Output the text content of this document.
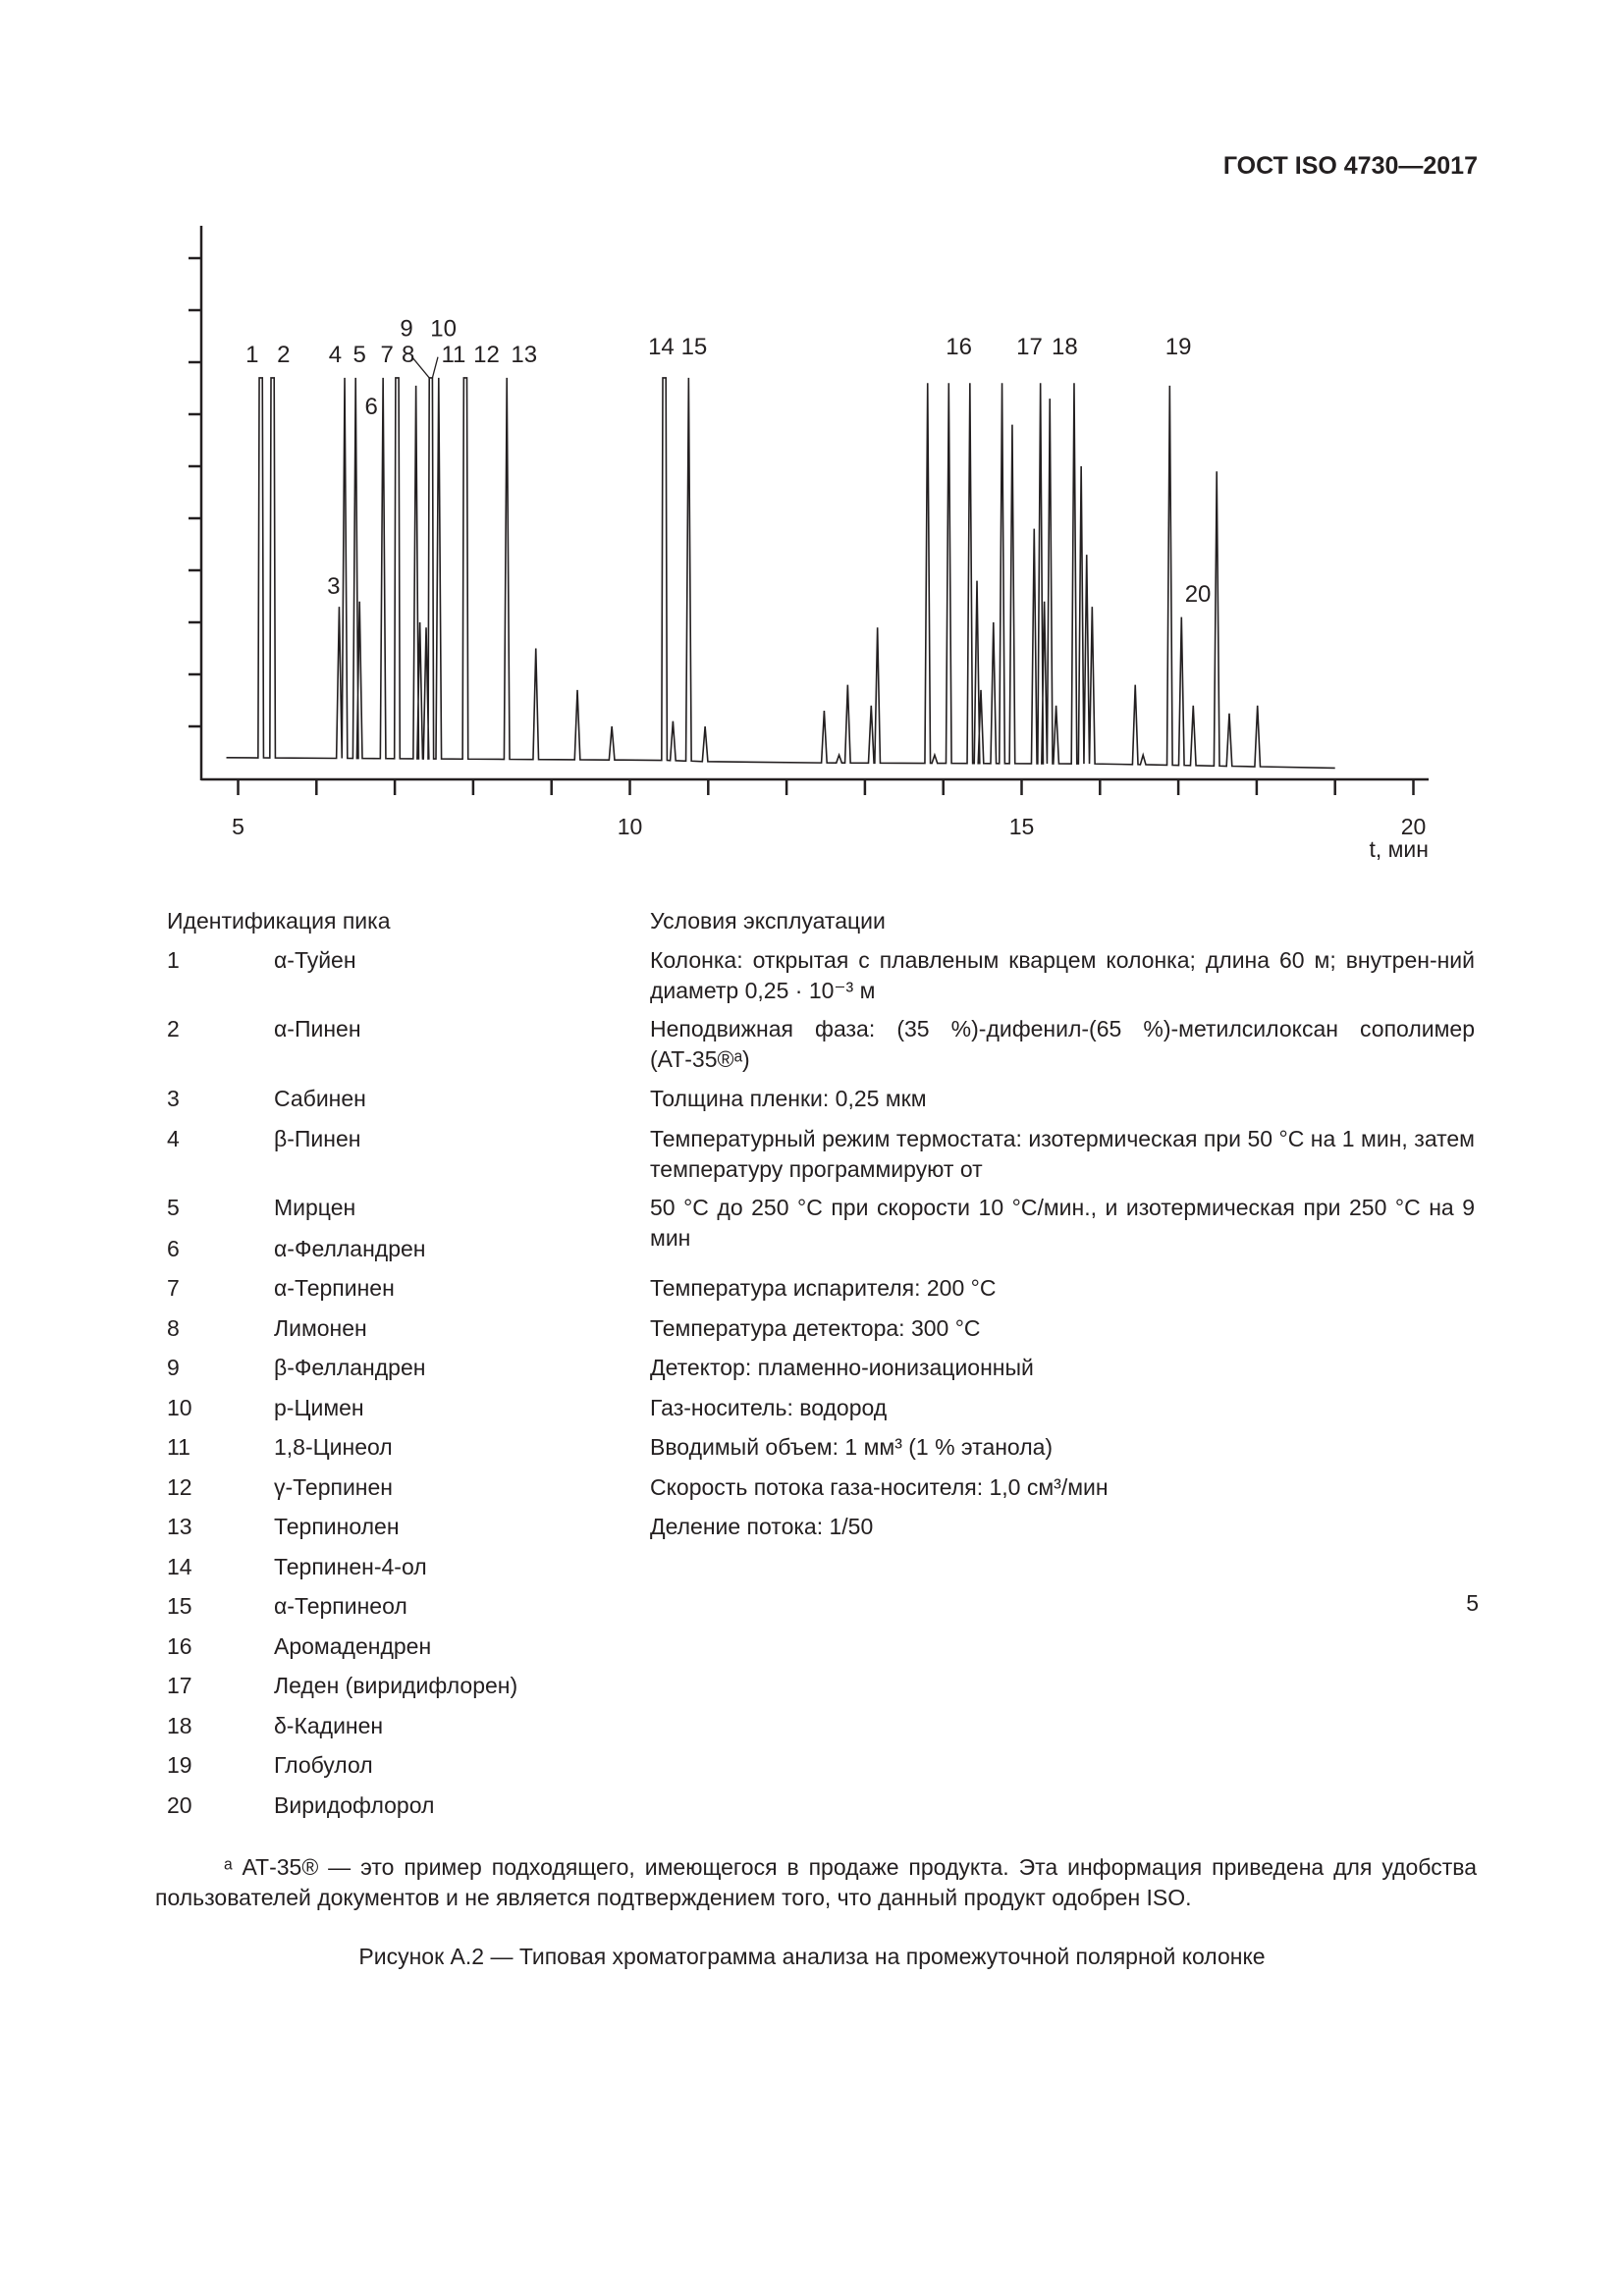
ГОСТ ISO 4730—2017
5	10	15	20
t, мин
1 2
3
4 5
6
7 8
9 10
11 12 13	14 15	16 17 18	19
20
Идентификация пика
1	α-Туйен
2	α-Пинен
3	Сабинен
4	β-Пинен
5	Мирцен
6	α-Фелландрен
7	α-Терпинен
8	Лимонен
9	β-Фелландрен
10	р-Цимен
11	1,8-Цинеол
12	γ-Терпинен
13	Терпинолен
14	Терпинен-4-ол
15	α-Терпинеол
16	Аромадендрен
17	Леден (виридифлорен)
18	δ-Кадинен
19	Глобулол
20	Виридофлорол
Условия эксплуатации
Колонка: открытая с плавленым кварцем колонка; длина 60 м; внутрен-ний диаметр 0,25 · 10⁻³ м
Неподвижная фаза: (35 %)-дифенил-(65 %)-метилсилоксан сополимер (АТ-35®ᵃ)
Толщина пленки: 0,25 мкм
Температурный режим термостата: изотермическая при 50 °С на 1 мин, затем температуру программируют от
50 °С до 250 °С при скорости 10 °С/мин., и изотермическая при 250 °С на 9 мин
Температура испарителя: 200 °С
Температура детектора: 300 °С
Детектор: пламенно-ионизационный
Газ-носитель: водород
Вводимый объем: 1 мм³ (1 % этанола)
Скорость потока газа-носителя: 1,0 см³/мин
Деление потока: 1/50
ᵃ АТ-35® — это пример подходящего, имеющегося в продаже продукта. Эта информация приведена для удобства пользователей документов и не является подтверждением того, что данный продукт одобрен ISO.
Рисунок А.2 — Типовая хроматограмма анализа на промежуточной полярной колонке
5
